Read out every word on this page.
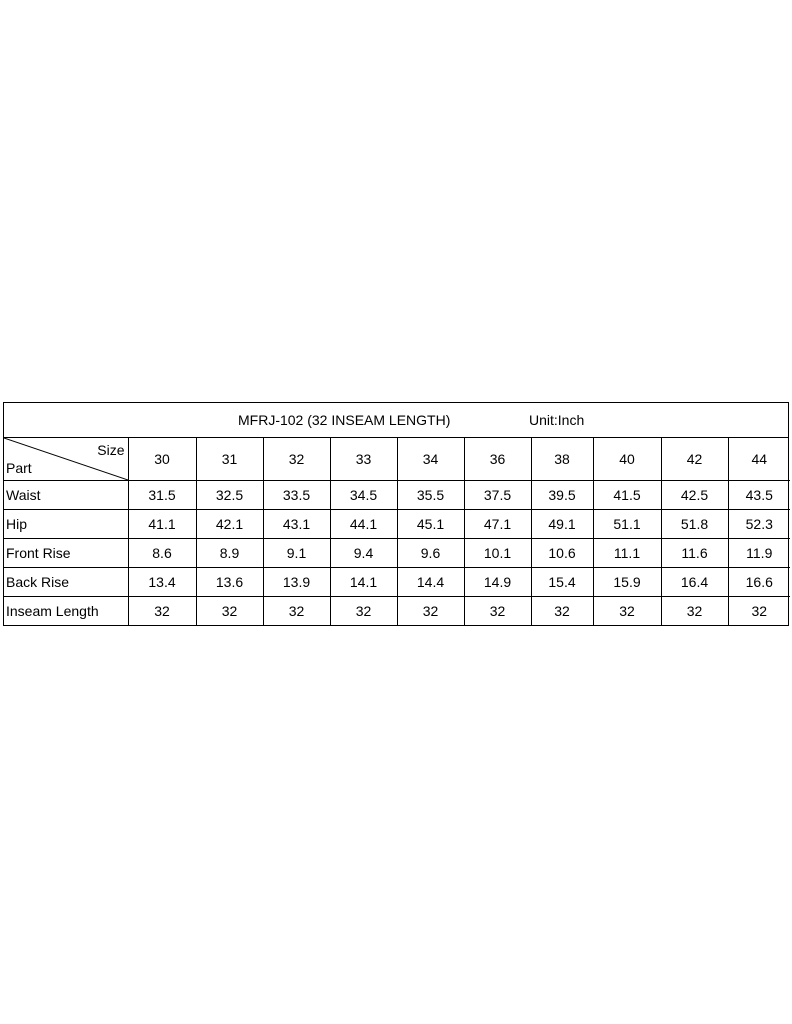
MFRJ-102 (32 INSEAM LENGTH)	Unit:Inch
Size
Part	30	31	32	33	34	36	38	40	42	44
Waist	31.5	32.5	33.5	34.5	35.5	37.5	39.5	41.5	42.5	43.5
Hip	41.1	42.1	43.1	44.1	45.1	47.1	49.1	51.1	51.8	52.3
Front Rise	8.6	8.9	9.1	9.4	9.6	10.1	10.6	11.1	11.6	11.9
Back Rise	13.4	13.6	13.9	14.1	14.4	14.9	15.4	15.9	16.4	16.6
Inseam Length	32	32	32	32	32	32	32	32	32	32
